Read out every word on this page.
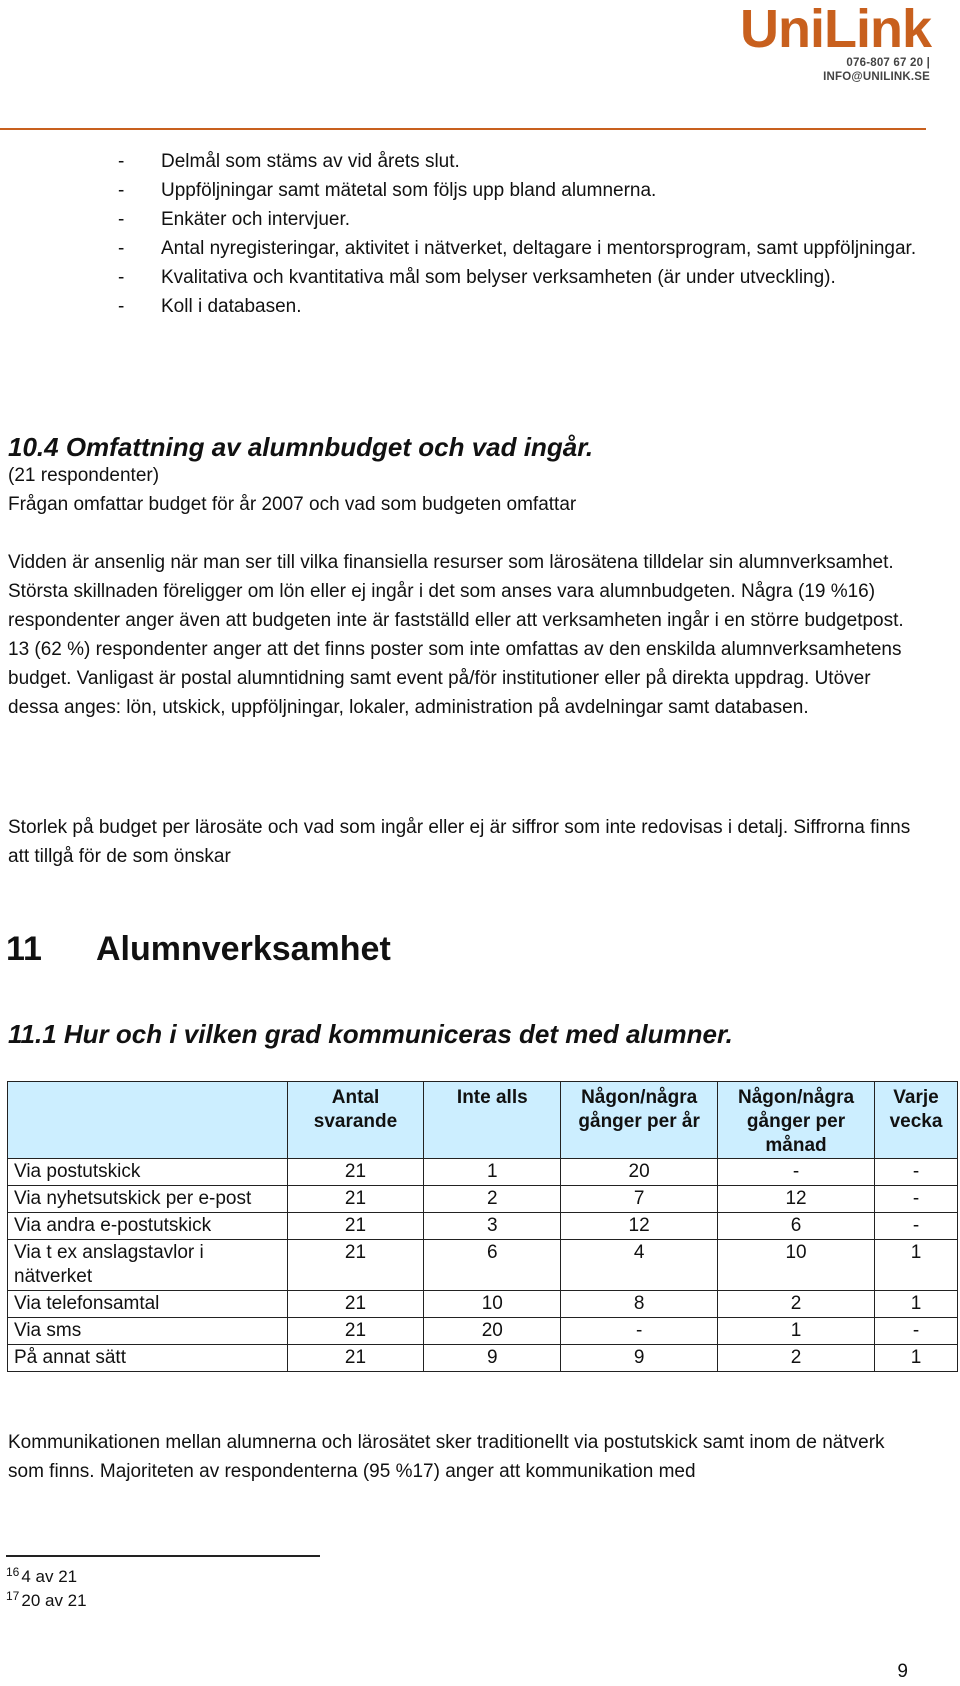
UniLink
076-807 67 20 | INFO@UNILINK.SE
-	Delmål som stäms av vid årets slut.
-	Uppföljningar samt mätetal som följs upp bland alumnerna.
-	Enkäter och intervjuer.
-	Antal nyregisteringar, aktivitet i nätverket, deltagare i mentorsprogram, samt uppföljningar.
-	Kvalitativa och kvantitativa mål som belyser verksamheten (är under utveckling).
-	Koll i databasen.
10.4 Omfattning av alumnbudget och vad ingår.
(21 respondenter)
Frågan omfattar budget för år 2007 och vad som budgeten omfattar
Vidden är ansenlig när man ser till vilka finansiella resurser som lärosätena tilldelar sin alumnverksamhet. Största skillnaden föreligger om lön eller ej ingår i det som anses vara alumnbudgeten. Några (19 %16) respondenter anger även att budgeten inte är fastställd eller att verksamheten ingår i en större budgetpost. 13 (62 %) respondenter anger att det finns poster som inte omfattas av den enskilda alumnverksamhetens budget. Vanligast är postal alumntidning samt event på/för institutioner eller på direkta uppdrag. Utöver dessa anges: lön, utskick, uppföljningar, lokaler, administration på avdelningar samt databasen.
Storlek på budget per lärosäte och vad som ingår eller ej är siffror som inte redovisas i detalj. Siffrorna finns att tillgå för de som önskar
11 Alumnverksamhet
11.1 Hur och i vilken grad kommuniceras det med alumner.
	Antal svarande	Inte alls	Någon/några gånger per år	Någon/några gånger per månad	Varje vecka
Via postutskick	21	1	20	-	-
Via nyhetsutskick per e-post	21	2	7	12	-
Via andra e-postutskick	21	3	12	6	-
Via t ex anslagstavlor i nätverket	21	6	4	10	1
Via telefonsamtal	21	10	8	2	1
Via sms	21	20	-	1	-
På annat sätt	21	9	9	2	1
Kommunikationen mellan alumnerna och lärosätet sker traditionellt via postutskick samt inom de nätverk som finns. Majoriteten av respondenterna (95 %17) anger att kommunikation med
$^{16}$ 4 av 21
$^{17}$ 20 av 21
9
